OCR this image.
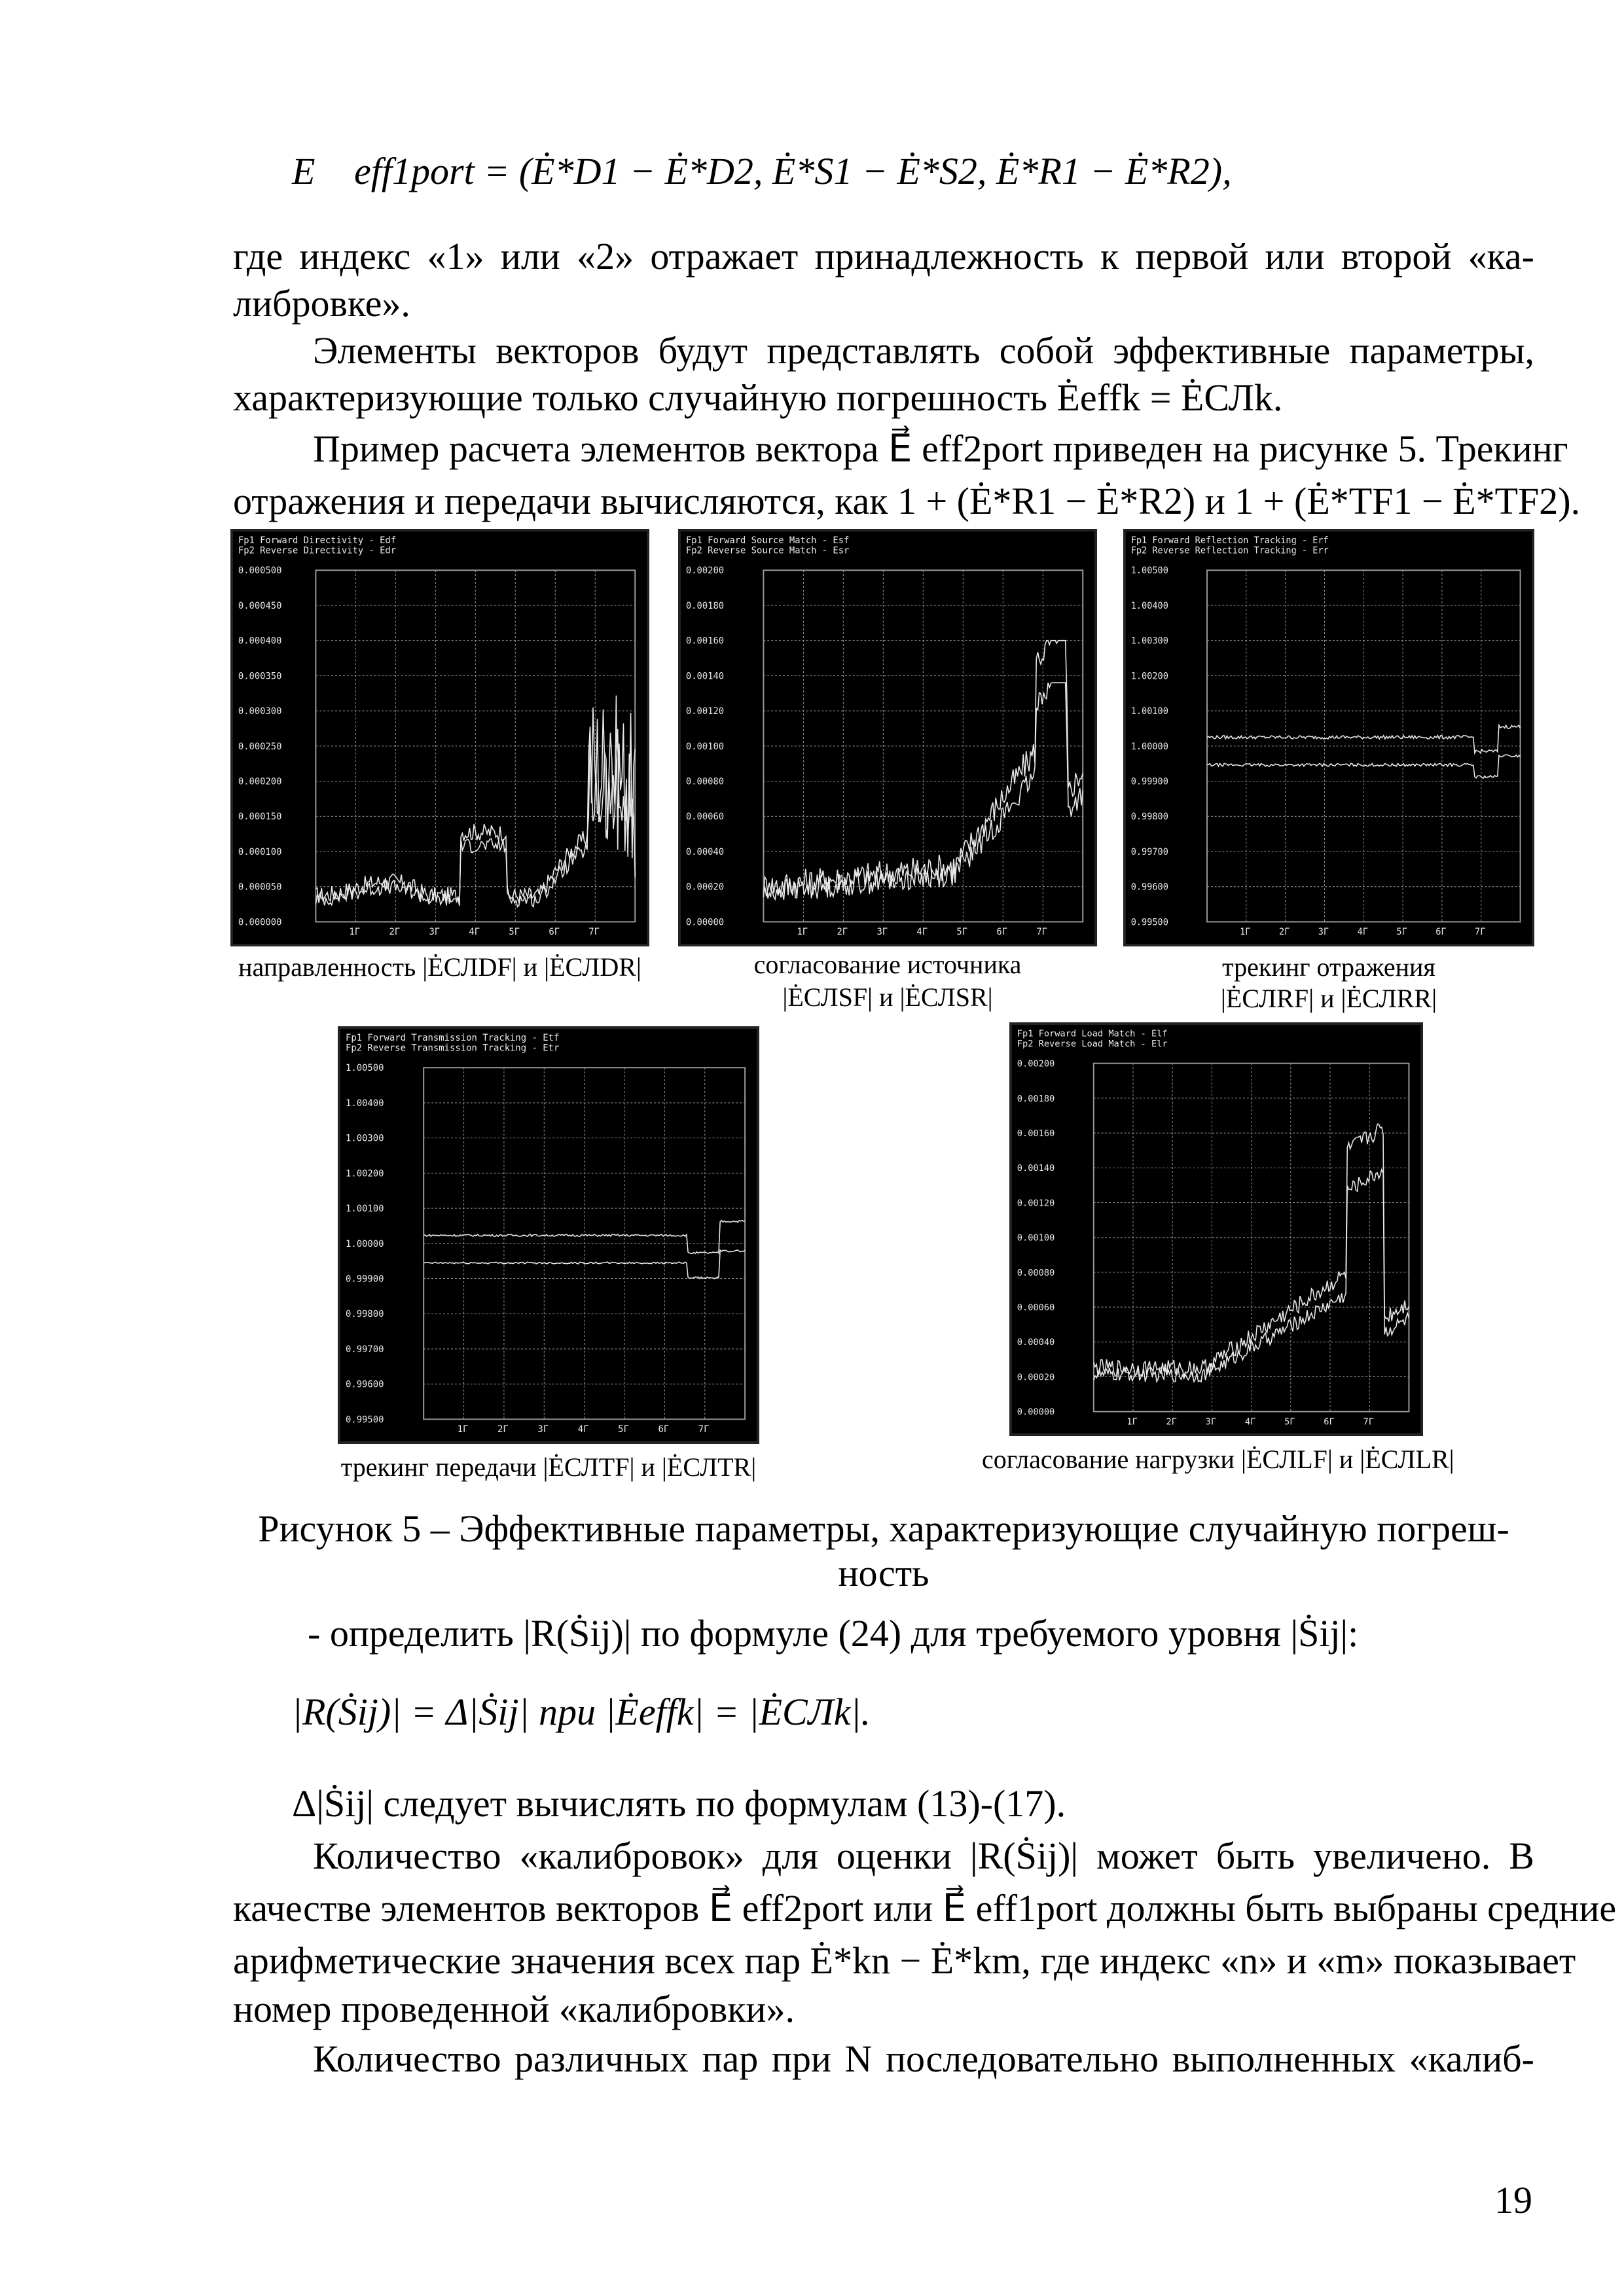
E⃗ eff1port = (Ė*D1 − Ė*D2, Ė*S1 − Ė*S2, Ė*R1 − Ė*R2),
где индекс «1» или «2» отражает принадлежность к первой или второй «ка-
либровке».
Элементы векторов будут представлять собой эффективные параметры,
характеризующие только случайную погрешность Ėeffk = ĖСЛk.
Пример расчета элементов вектора E⃗ eff2port приведен на рисунке 5. Трекинг
отражения и передачи вычисляются, как 1 + (Ė*R1 − Ė*R2) и 1 + (Ė*TF1 − Ė*TF2).
Fp1 Forward Directivity - Edf
Fp2 Reverse Directivity - Edr
0.000500
0.000450
0.000400
0.000350
0.000300
0.000250
0.000200
0.000150
0.000100
0.000050
0.000000
1Г	2Г	3Г	4Г	5Г	6Г	7Г
направленность |ĖСЛDF| и |ĖСЛDR|
Fp1 Forward Source Match - Esf
Fp2 Reverse Source Match - Esr
0.00200
0.00180
0.00160
0.00140
0.00120
0.00100
0.00080
0.00060
0.00040
0.00020
0.00000
1Г	2Г	3Г	4Г	5Г	6Г	7Г
согласование источника
|ĖСЛSF| и |ĖСЛSR|
Fp1 Forward Reflection Tracking - Erf
Fp2 Reverse Reflection Tracking - Err
1.00500
1.00400
1.00300
1.00200
1.00100
1.00000
0.99900
0.99800
0.99700
0.99600
0.99500
1Г	2Г	3Г	4Г	5Г	6Г	7Г
трекинг отражения
|ĖСЛRF| и |ĖСЛRR|
Fp1 Forward Transmission Tracking - Etf
Fp2 Reverse Transmission Tracking - Etr
1.00500
1.00400
1.00300
1.00200
1.00100
1.00000
0.99900
0.99800
0.99700
0.99600
0.99500
1Г	2Г	3Г	4Г	5Г	6Г	7Г
трекинг передачи |ĖСЛTF| и |ĖСЛTR|
Fp1 Forward Load Match - Elf
Fp2 Reverse Load Match - Elr
0.00200
0.00180
0.00160
0.00140
0.00120
0.00100
0.00080
0.00060
0.00040
0.00020
0.00000
1Г	2Г	3Г	4Г	5Г	6Г	7Г
согласование нагрузки |ĖСЛLF| и |ĖСЛLR|
Рисунок 5 – Эффективные параметры, характеризующие случайную погреш-
ность
- определить |R(Ṡij)| по формуле (24) для требуемого уровня |Ṡij|:
|R(Ṡij)| = Δ|Ṡij| при |Ėeffk| = |ĖСЛk|.
Δ|Ṡij| следует вычислять по формулам (13)-(17).
Количество «калибровок» для оценки |R(Ṡij)| может быть увеличено. В
качестве элементов векторов E⃗ eff2port или E⃗ eff1port должны быть выбраны средние
арифметические значения всех пар Ė*kn − Ė*km, где индекс «n» и «m» показывает
номер проведенной «калибровки».
Количество различных пар при N последовательно выполненных «калиб-
19
